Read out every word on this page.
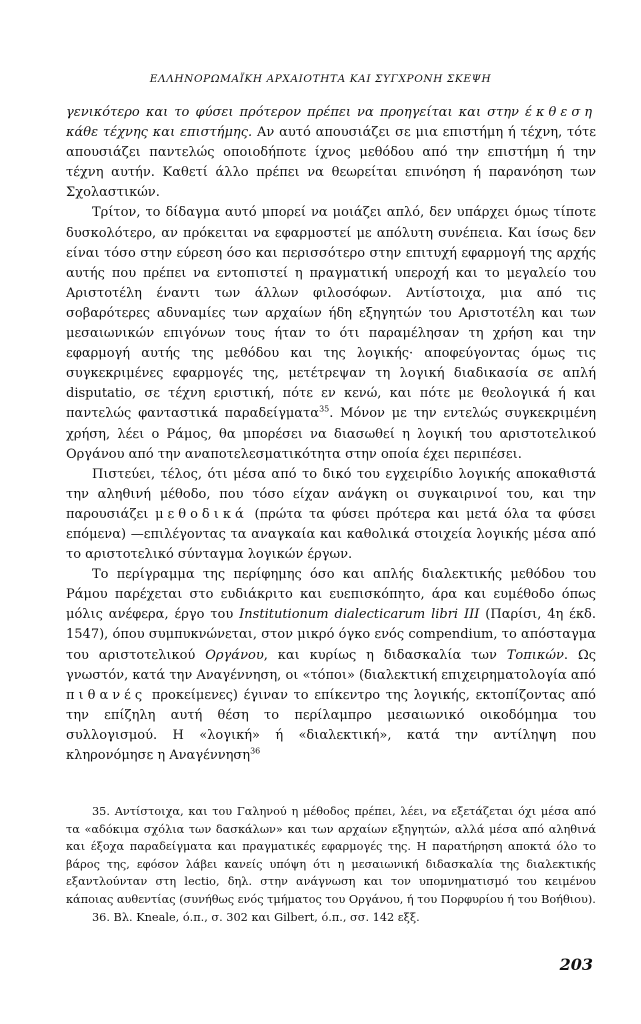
ΕΛΛΗΝΟΡΩΜΑΪΚΗ ΑΡΧΑΙΟΤΗΤΑ ΚΑΙ ΣΥΓΧΡΟΝΗ ΣΚΕΨΗ

γενικότερο και το φύσει πρότερον πρέπει να προηγείται και στην έκθεση κάθε τέχνης και επιστήμης. Αν αυτό απουσιάζει σε μια επιστήμη ή τέχνη, τότε απουσιάζει παντελώς οποιοδήποτε ίχνος μεθόδου από την επιστήμη ή την τέχνη αυτήν. Καθετί άλλο πρέπει να θεωρείται επινόηση ή παρανόηση των Σχολαστικών.

Τρίτον, το δίδαγμα αυτό μπορεί να μοιάζει απλό, δεν υπάρχει όμως τίποτε δυσκολότερο, αν πρόκειται να εφαρμοστεί με απόλυτη συνέπεια. Και ίσως δεν είναι τόσο στην εύρεση όσο και περισσότερο στην επιτυχή εφαρμογή της αρχής αυτής που πρέπει να εντοπιστεί η πραγματική υπεροχή και το μεγαλείο του Αριστοτέλη έναντι των άλλων φιλοσόφων. Αντίστοιχα, μια από τις σοβαρότερες αδυναμίες των αρχαίων ήδη εξηγητών του Αριστοτέλη και των μεσαιωνικών επιγόνων τους ήταν το ότι παραμέλησαν τη χρήση και την εφαρμογή αυτής της μεθόδου και της λογικής· αποφεύγοντας όμως τις συγκεκριμένες εφαρμογές της, μετέτρεψαν τη λογική διαδικασία σε απλή disputatio, σε τέχνη εριστική, πότε εν κενώ, και πότε με θεολογικά ή και παντελώς φανταστικά παραδείγματα$^{35}$. Μόνον με την εντελώς συγκεκριμένη χρήση, λέει ο Ράμος, θα μπορέσει να διασωθεί η λογική του αριστοτελικού Οργάνου από την αναποτελεσματικότητα στην οποία έχει περιπέσει.

Πιστεύει, τέλος, ότι μέσα από το δικό του εγχειρίδιο λογικής αποκαθιστά την αληθινή μέθοδο, που τόσο είχαν ανάγκη οι συγκαιρινοί του, και την παρουσιάζει μεθοδικά (πρώτα τα φύσει πρότερα και μετά όλα τα φύσει επόμενα) —επιλέγοντας τα αναγκαία και καθολικά στοιχεία λογικής μέσα από το αριστοτελικό σύνταγμα λογικών έργων.

Το περίγραμμα της περίφημης όσο και απλής διαλεκτικής μεθόδου του Ράμου παρέχεται στο ευδιάκριτο και ευεπισκόπητο, άρα και ευμέθοδο όπως μόλις ανέφερα, έργο του Institutionum dialecticarum libri III (Παρίσι, 4η έκδ. 1547), όπου συμπυκνώνεται, στον μικρό όγκο ενός compendium, το απόσταγμα του αριστοτελικού Οργάνου, και κυρίως η διδασκαλία των Τοπικών. Ως γνωστόν, κατά την Αναγέννηση, οι «τόποι» (διαλεκτική επιχειρηματολογία από πιθανές προκείμενες) έγιναν το επίκεντρο της λογικής, εκτοπίζοντας από την επίζηλη αυτή θέση το περίλαμπρο μεσαιωνικό οικοδόμημα του συλλογισμού. Η «λογική» ή «διαλεκτική», κατά την αντίληψη που κληρονόμησε η Αναγέννηση$^{36}$

35. Αντίστοιχα, και του Γαληνού η μέθοδος πρέπει, λέει, να εξετάζεται όχι μέσα από τα «αδόκιμα σχόλια των δασκάλων» και των αρχαίων εξηγητών, αλλά μέσα από αληθινά και έξοχα παραδείγματα και πραγματικές εφαρμογές της. Η παρατήρηση αποκτά όλο το βάρος της, εφόσον λάβει κανείς υπόψη ότι η μεσαιωνική διδασκαλία της διαλεκτικής εξαντλούνταν στη lectio, δηλ. στην ανάγνωση και τον υπομνηματισμό του κειμένου κάποιας αυθεντίας (συνήθως ενός τμήματος του Οργάνου, ή του Πορφυρίου ή του Βοήθιου).

36. Βλ. Kneale, ό.π., σ. 302 και Gilbert, ό.π., σσ. 142 εξξ.

203
